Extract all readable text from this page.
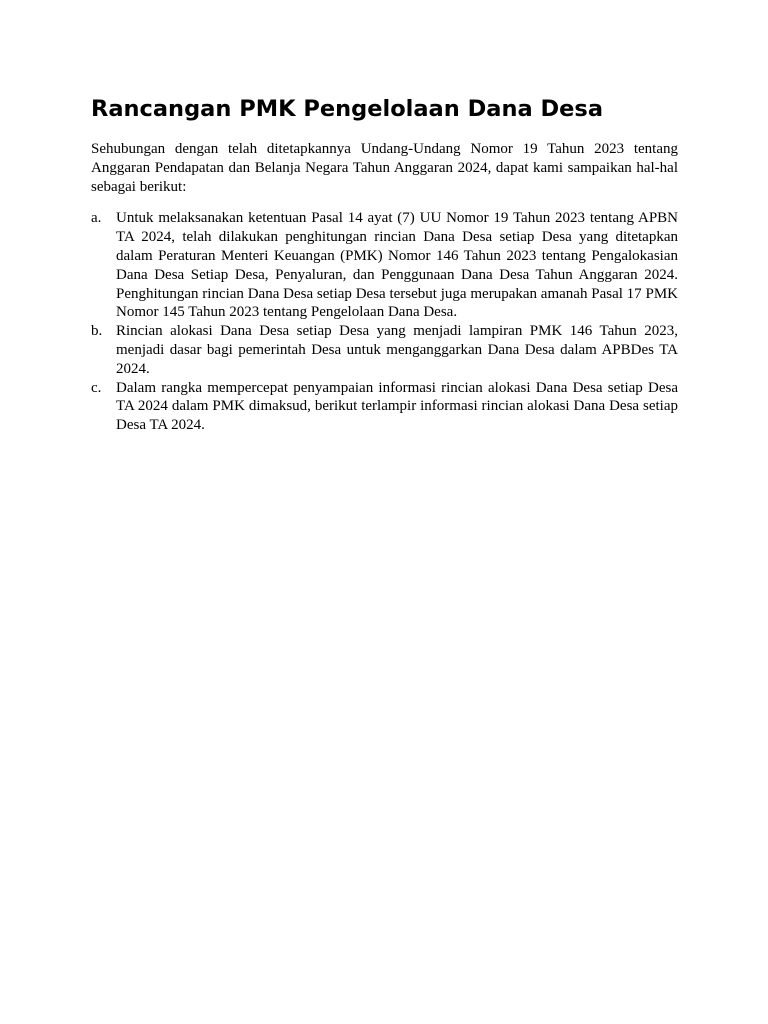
Rancangan PMK Pengelolaan Dana Desa

Sehubungan dengan telah ditetapkannya Undang-Undang Nomor 19 Tahun 2023 tentang Anggaran Pendapatan dan Belanja Negara Tahun Anggaran 2024, dapat kami sampaikan hal-hal sebagai berikut:

a. Untuk melaksanakan ketentuan Pasal 14 ayat (7) UU Nomor 19 Tahun 2023 tentang APBN TA 2024, telah dilakukan penghitungan rincian Dana Desa setiap Desa yang ditetapkan dalam Peraturan Menteri Keuangan (PMK) Nomor 146 Tahun 2023 tentang Pengalokasian Dana Desa Setiap Desa, Penyaluran, dan Penggunaan Dana Desa Tahun Anggaran 2024. Penghitungan rincian Dana Desa setiap Desa tersebut juga merupakan amanah Pasal 17 PMK Nomor 145 Tahun 2023 tentang Pengelolaan Dana Desa.
b. Rincian alokasi Dana Desa setiap Desa yang menjadi lampiran PMK 146 Tahun 2023, menjadi dasar bagi pemerintah Desa untuk menganggarkan Dana Desa dalam APBDes TA 2024.
c. Dalam rangka mempercepat penyampaian informasi rincian alokasi Dana Desa setiap Desa TA 2024 dalam PMK dimaksud, berikut terlampir informasi rincian alokasi Dana Desa setiap Desa TA 2024.
